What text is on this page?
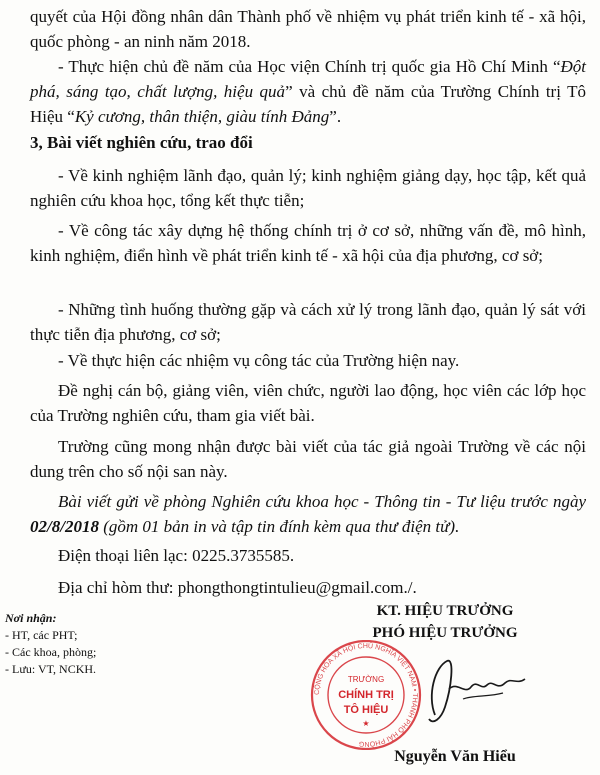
quyết của Hội đồng nhân dân Thành phố về nhiệm vụ phát triển kinh tế - xã hội, quốc phòng - an ninh năm 2018.
- Thực hiện chủ đề năm của Học viện Chính trị quốc gia Hồ Chí Minh “Đột phá, sáng tạo, chất lượng, hiệu quả” và chủ đề năm của Trường Chính trị Tô Hiệu “Kỷ cương, thân thiện, giàu tính Đảng”.
3, Bài viết nghiên cứu, trao đổi
- Về kinh nghiệm lãnh đạo, quản lý; kinh nghiệm giảng dạy, học tập, kết quả nghiên cứu khoa học, tổng kết thực tiễn;
- Về công tác xây dựng hệ thống chính trị ở cơ sở, những vấn đề, mô hình, kinh nghiệm, điển hình về phát triển kinh tế - xã hội của địa phương, cơ sở;
- Những tình huống thường gặp và cách xử lý trong lãnh đạo, quản lý sát với thực tiễn địa phương, cơ sở;
- Về thực hiện các nhiệm vụ công tác của Trường hiện nay.
Đề nghị cán bộ, giảng viên, viên chức, người lao động, học viên các lớp học của Trường nghiên cứu, tham gia viết bài.
Trường cũng mong nhận được bài viết của tác giả ngoài Trường về các nội dung trên cho số nội san này.
Bài viết gửi về phòng Nghiên cứu khoa học - Thông tin - Tư liệu trước ngày 02/8/2018 (gồm 01 bản in và tập tin đính kèm qua thư điện tử).
Điện thoại liên lạc: 0225.3735585.
Địa chỉ hòm thư: phongthongtintulieu@gmail.com./.
Nơi nhận:
- HT, các PHT;
- Các khoa, phòng;
- Lưu: VT, NCKH.
KT. HIỆU TRƯỞNG
PHÓ HIỆU TRƯỞNG
CỘNG HÒA XÃ HỘI CHỦ NGHĨA VIỆT NAM • THÀNH PHỐ HẢI PHÒNG
TRƯỜNG
CHÍNH TRỊ
TÔ HIỆU
★
Nguyễn Văn Hiểu
